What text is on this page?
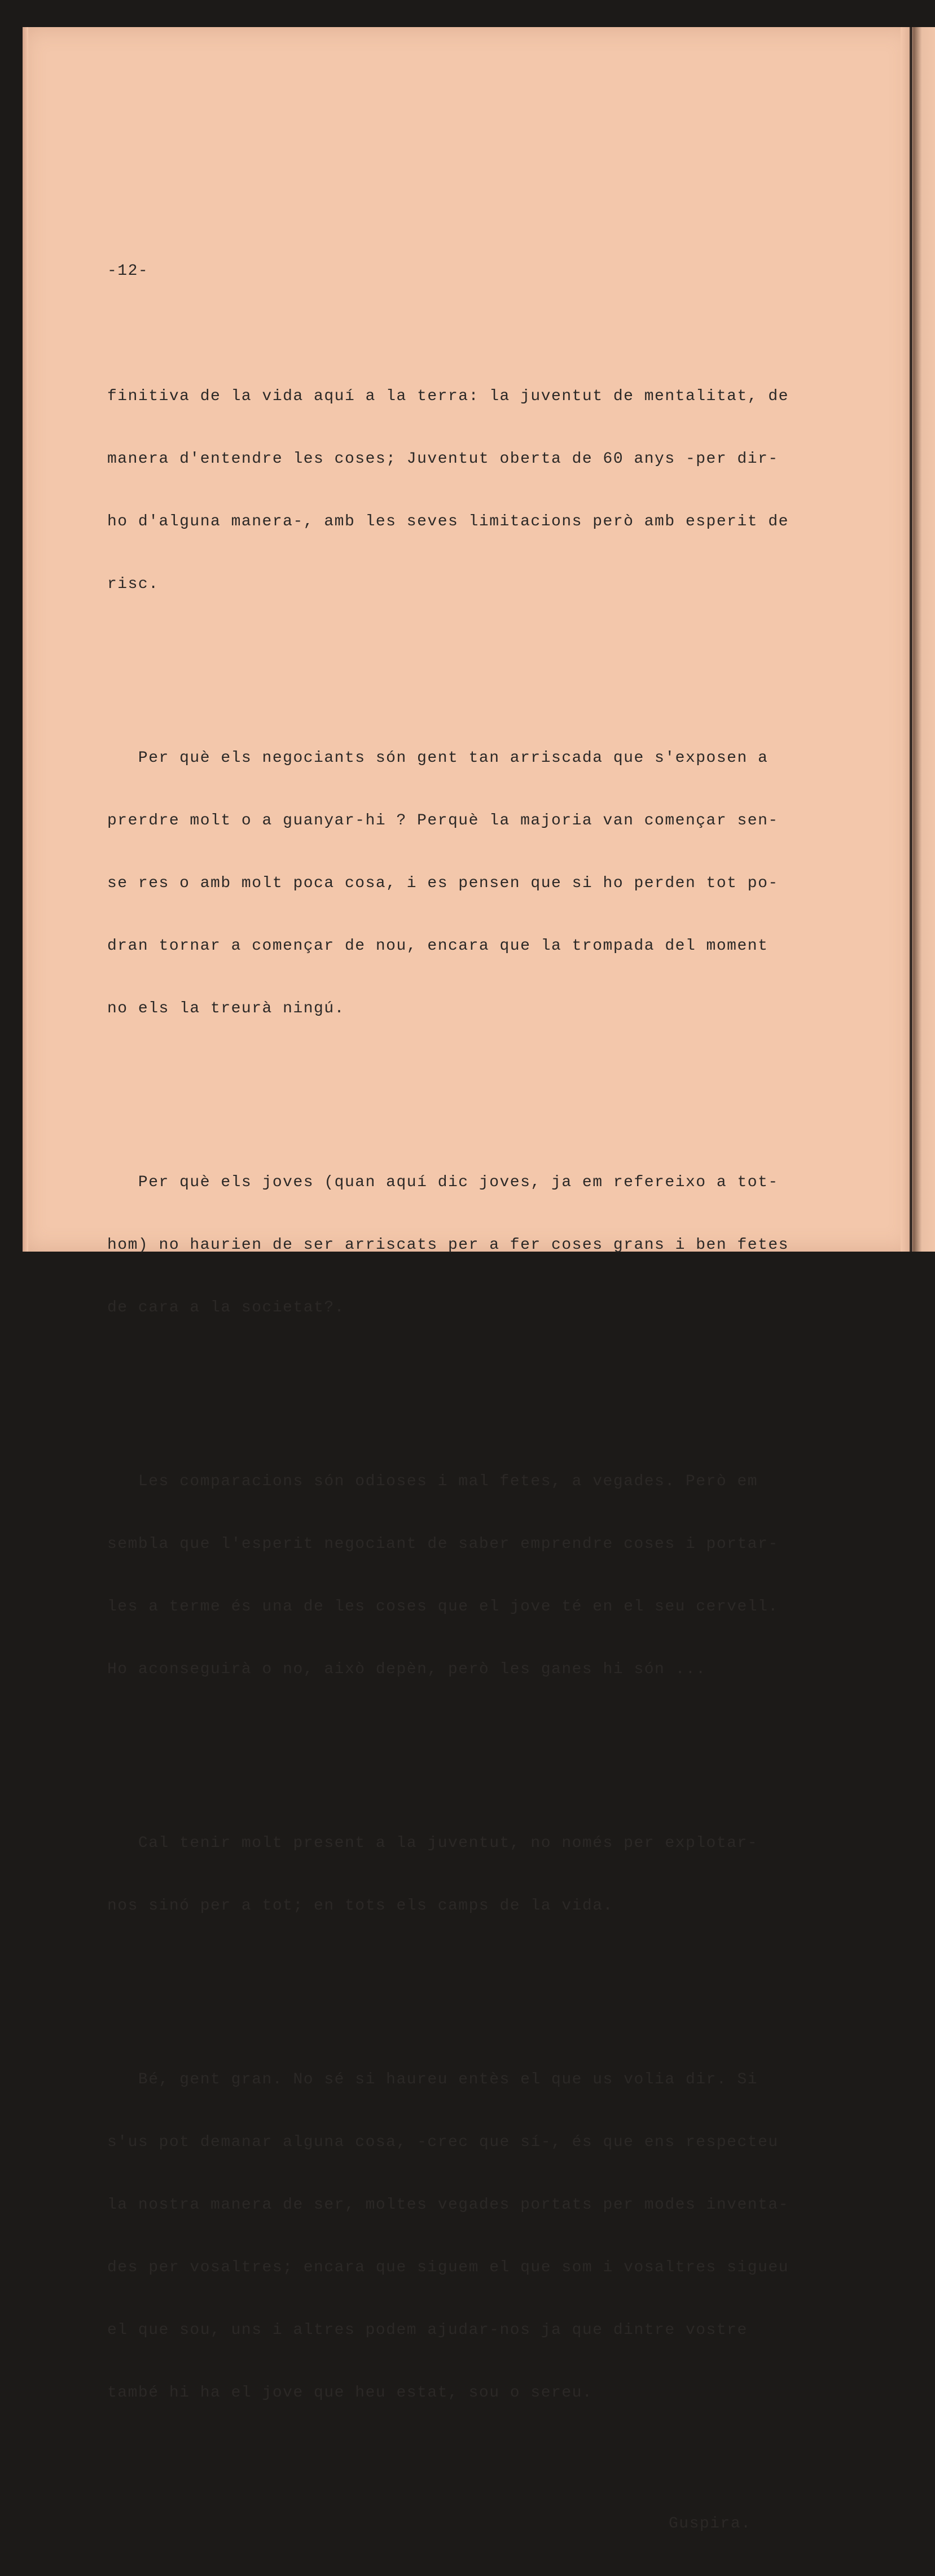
-12-

finitiva de la vida aquí a la terra: la juventut de mentalitat, de

manera d'entendre les coses; Juventut oberta de 60 anys -per dir-

ho d'alguna manera-, amb les seves limitacions però amb esperit de

risc.

Per què els negociants són gent tan arriscada que s'exposen a

prerdre molt o a guanyar-hi ? Perquè la majoria van començar sen-

se res o amb molt poca cosa, i es pensen que si ho perden tot po-

dran tornar a començar de nou, encara que la trompada del moment

no els la treurà ningú.

Per què els joves (quan aquí dic joves, ja em refereixo a tot-

hom) no haurien de ser arriscats per a fer coses grans i ben fetes

de cara a la societat?.

Les comparacions són odioses i mal fetes, a vegades. Però em

sembla que l'esperit negociant de saber emprendre coses i portar-

les a terme és una de les coses que el jove té en el seu cervell.

Ho aconseguirà o no, això depèn, però les ganes hi són ...

Cal tenir molt present a la juventut, no només per explotar-

nos sinó per a tot; en tots els camps de la vida.

Bé, gent gran. No sé si haureu entès el que us volia dir. Si

s'us pot demanar alguna cosa, -crec que sí-, és que ens respecteu

la nostra manera de ser, moltes vegades portats per modes inventa-

des per vosaltres; encara que siguem el que som i vosaltres sigueu

el que sou, uns i altres podem ajudar-nos ja que dintre vostre

també hi ha el jove que heu estat, sou o sereu.

Guspira.
